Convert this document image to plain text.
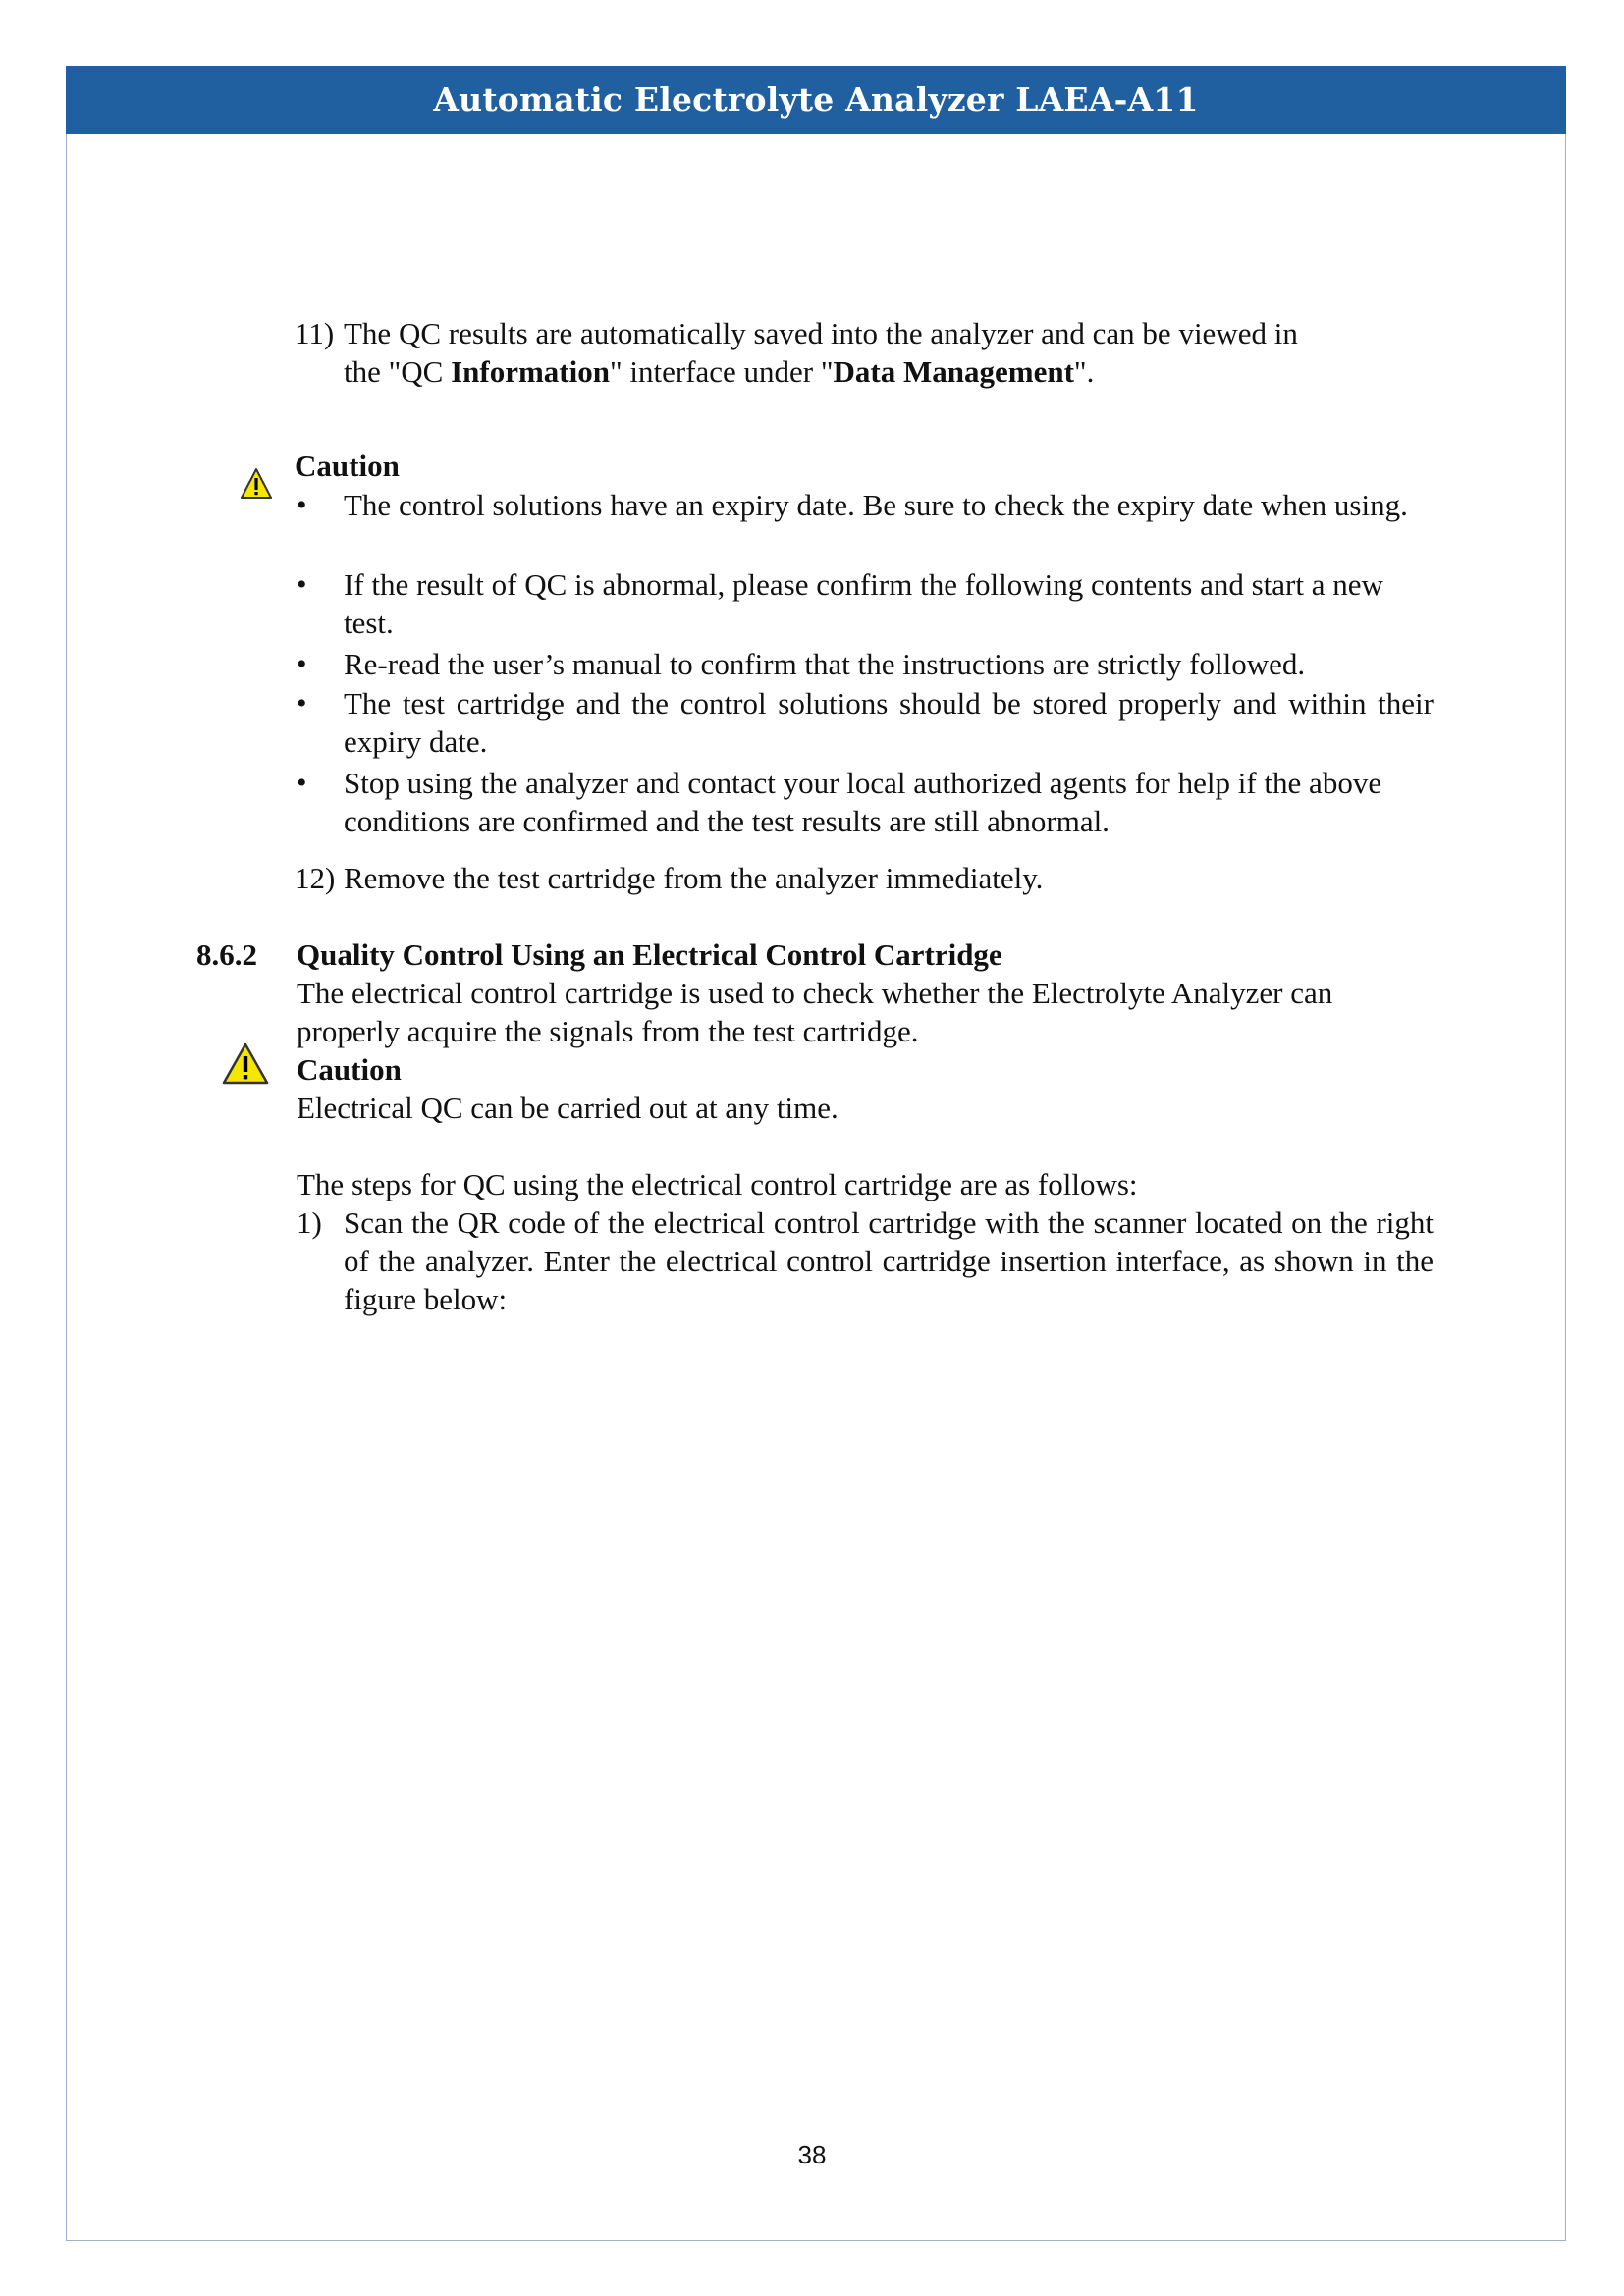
Automatic Electrolyte Analyzer LAEA-A11
11) The QC results are automatically saved into the analyzer and can be viewed in
the "QC Information" interface under "Data Management".
Caution
• The control solutions have an expiry date. Be sure to check the expiry date when using.
• If the result of QC is abnormal, please confirm the following contents and start a new test.
• Re-read the user’s manual to confirm that the instructions are strictly followed.
• The test cartridge and the control solutions should be stored properly and within their expiry date.
• Stop using the analyzer and contact your local authorized agents for help if the above conditions are confirmed and the test results are still abnormal.
12) Remove the test cartridge from the analyzer immediately.
8.6.2 Quality Control Using an Electrical Control Cartridge
The electrical control cartridge is used to check whether the Electrolyte Analyzer can properly acquire the signals from the test cartridge.
Caution
Electrical QC can be carried out at any time.
The steps for QC using the electrical control cartridge are as follows:
1) Scan the QR code of the electrical control cartridge with the scanner located on the right of the analyzer. Enter the electrical control cartridge insertion interface, as shown in the figure below:
38
